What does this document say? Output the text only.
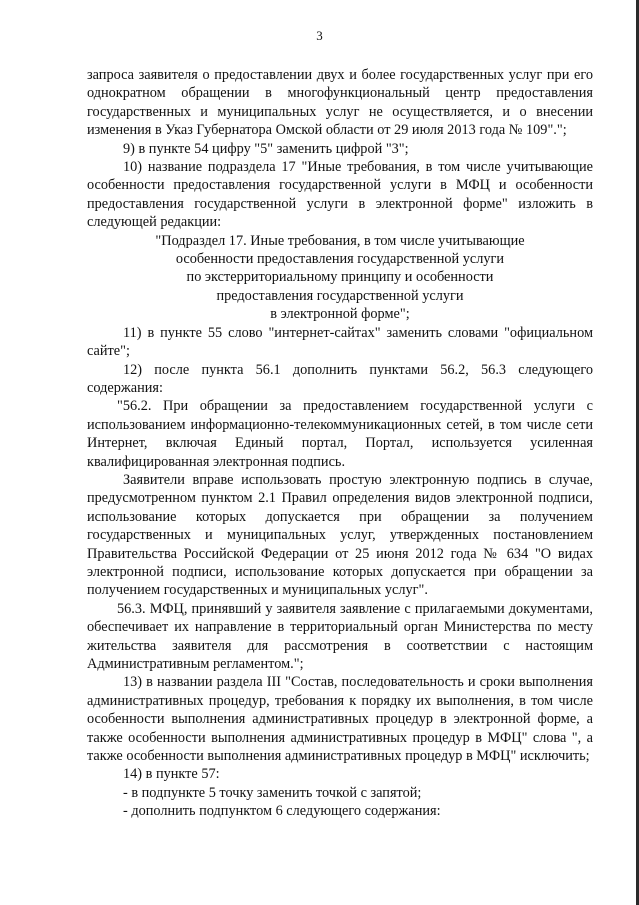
3

запроса заявителя о предоставлении двух и более государственных услуг при его однократном обращении в многофункциональный центр предоставления государственных и муниципальных услуг не осуществляется, и о внесении изменения в Указ Губернатора Омской области от 29 июля 2013 года № 109".";

9) в пункте 54 цифру "5" заменить цифрой "3";

10) название подраздела 17 "Иные требования, в том числе учитывающие особенности предоставления государственной услуги в МФЦ и особенности предоставления государственной услуги в электронной форме" изложить в следующей редакции:

"Подраздел 17. Иные требования, в том числе учитывающие
особенности предоставления государственной услуги
по экстерриториальному принципу и особенности
предоставления государственной услуги
в электронной форме";

11) в пункте 55 слово "интернет-сайтах" заменить словами "официальном сайте";

12) после пункта 56.1 дополнить пунктами 56.2, 56.3 следующего содержания:

"56.2. При обращении за предоставлением государственной услуги с использованием информационно-телекоммуникационных сетей, в том числе сети Интернет, включая Единый портал, Портал, используется усиленная квалифицированная электронная подпись.

Заявители вправе использовать простую электронную подпись в случае, предусмотренном пунктом 2.1 Правил определения видов электронной подписи, использование которых допускается при обращении за получением государственных и муниципальных услуг, утвержденных постановлением Правительства Российской Федерации от 25 июня 2012 года № 634 "О видах электронной подписи, использование которых допускается при обращении за получением государственных и муниципальных услуг".

56.3. МФЦ, принявший у заявителя заявление с прилагаемыми документами, обеспечивает их направление в территориальный орган Министерства по месту жительства заявителя для рассмотрения в соответствии с настоящим Административным регламентом.";

13) в названии раздела III "Состав, последовательность и сроки выполнения административных процедур, требования к порядку их выполнения, в том числе особенности выполнения административных процедур в электронной форме, а также особенности выполнения административных процедур в МФЦ" слова ", а также особенности выполнения административных процедур в МФЦ" исключить;

14) в пункте 57:

- в подпункте 5 точку заменить точкой с запятой;

- дополнить подпунктом 6 следующего содержания:
